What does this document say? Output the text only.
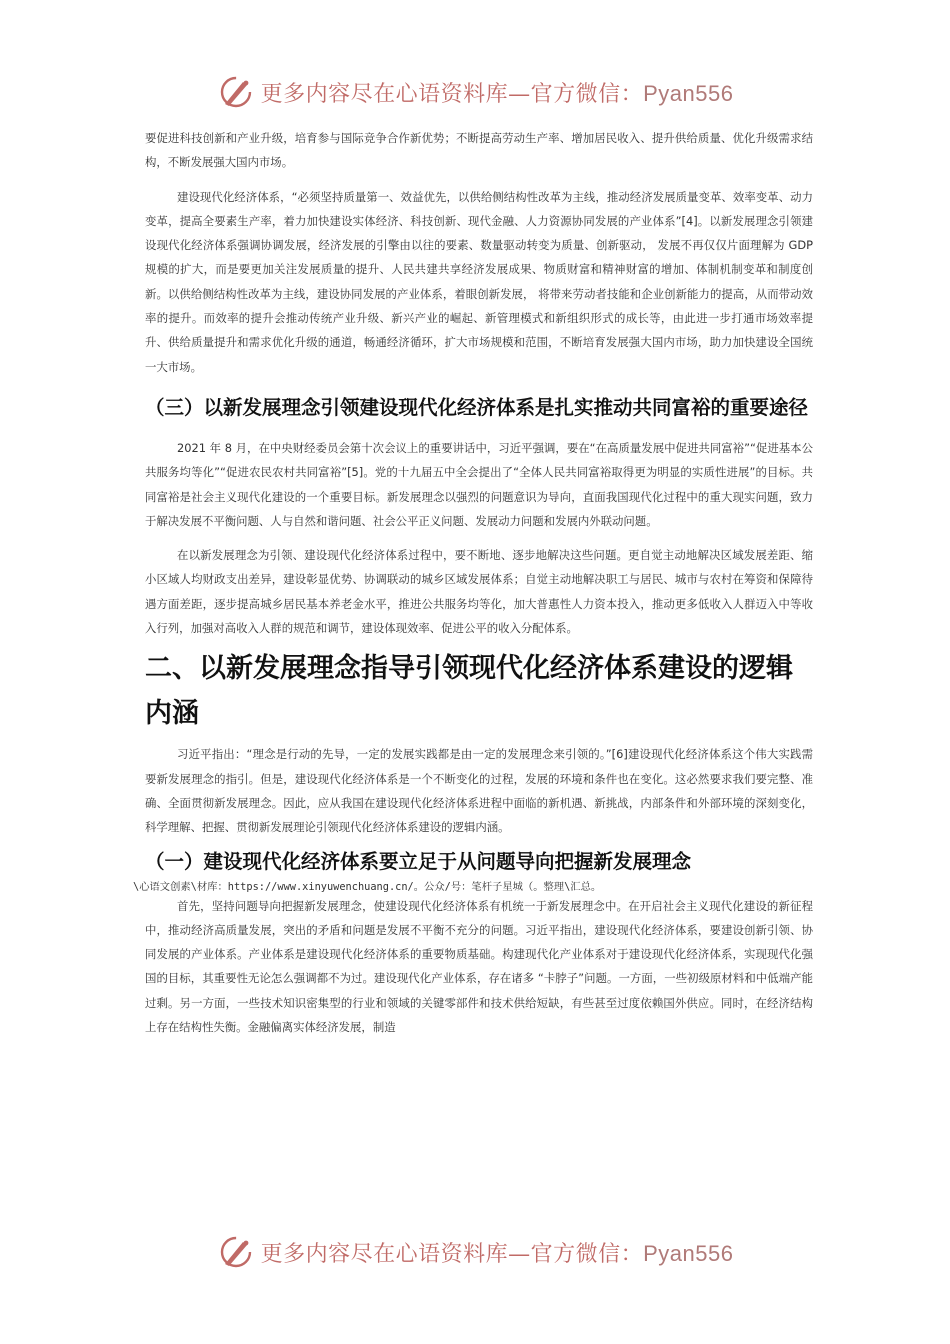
更多内容尽在心语资料库—官方微信：Pyan556

要促进科技创新和产业升级，培育参与国际竞争合作新优势；不断提高劳动生产率、增加居民收入、提升供给质量、优化升级需求结构，不断发展强大国内市场。

建设现代化经济体系，“必须坚持质量第一、效益优先，以供给侧结构性改革为主线，推动经济发展质量变革、效率变革、动力变革，提高全要素生产率，着力加快建设实体经济、科技创新、现代金融、人力资源协同发展的产业体系”[4]。以新发展理念引领建设现代化经济体系强调协调发展，经济发展的引擎由以往的要素、数量驱动转变为质量、创新驱动， 发展不再仅仅片面理解为 GDP 规模的扩大，而是要更加关注发展质量的提升、人民共建共享经济发展成果、物质财富和精神财富的增加、体制机制变革和制度创新。以供给侧结构性改革为主线，建设协同发展的产业体系，着眼创新发展， 将带来劳动者技能和企业创新能力的提高，从而带动效率的提升。而效率的提升会推动传统产业升级、新兴产业的崛起、新管理模式和新组织形式的成长等，由此进一步打通市场效率提升、供给质量提升和需求优化升级的通道，畅通经济循环，扩大市场规模和范围，不断培育发展强大国内市场，助力加快建设全国统一大市场。

（三）以新发展理念引领建设现代化经济体系是扎实推动共同富裕的重要途径

2021 年 8 月，在中央财经委员会第十次会议上的重要讲话中，习近平强调，要在“在高质量发展中促进共同富裕”“促进基本公共服务均等化”“促进农民农村共同富裕”[5]。党的十九届五中全会提出了“全体人民共同富裕取得更为明显的实质性进展”的目标。共同富裕是社会主义现代化建设的一个重要目标。新发展理念以强烈的问题意识为导向，直面我国现代化过程中的重大现实问题，致力于解决发展不平衡问题、人与自然和谐问题、社会公平正义问题、发展动力问题和发展内外联动问题。

在以新发展理念为引领、建设现代化经济体系过程中，要不断地、逐步地解决这些问题。更自觉主动地解决区域发展差距、缩小区域人均财政支出差异，建设彰显优势、协调联动的城乡区域发展体系；自觉主动地解决职工与居民、城市与农村在筹资和保障待遇方面差距，逐步提高城乡居民基本养老金水平，推进公共服务均等化，加大普惠性人力资本投入，推动更多低收入人群迈入中等收入行列，加强对高收入人群的规范和调节，建设体现效率、促进公平的收入分配体系。

二、以新发展理念指导引领现代化经济体系建设的逻辑内涵

习近平指出：“理念是行动的先导，一定的发展实践都是由一定的发展理念来引领的。”[6]建设现代化经济体系这个伟大实践需要新发展理念的指引。但是，建设现代化经济体系是一个不断变化的过程，发展的环境和条件也在变化。这必然要求我们要完整、准确、全面贯彻新发展理念。因此，应从我国在建设现代化经济体系进程中面临的新机遇、新挑战，内部条件和外部环境的深刻变化，科学理解、把握、贯彻新发展理论引领现代化经济体系建设的逻辑内涵。

（一）建设现代化经济体系要立足于从问题导向把握新发展理念

\心语文创素\材库：https://www.xinyuwenchuang.cn/。公众/号：笔杆子星城（。整理\汇总。

首先，坚持问题导向把握新发展理念，使建设现代化经济体系有机统一于新发展理念中。在开启社会主义现代化建设的新征程中，推动经济高质量发展，突出的矛盾和问题是发展不平衡不充分的问题。习近平指出，建设现代化经济体系，要建设创新引领、协同发展的产业体系。产业体系是建设现代化经济体系的重要物质基础。构建现代化产业体系对于建设现代化经济体系，实现现代化强国的目标，其重要性无论怎么强调都不为过。建设现代化产业体系，存在诸多 “卡脖子”问题。一方面，一些初级原材料和中低端产能过剩。另一方面，一些技术知识密集型的行业和领域的关键零部件和技术供给短缺，有些甚至过度依赖国外供应。同时，在经济结构上存在结构性失衡。金融偏离实体经济发展，制造

更多内容尽在心语资料库—官方微信：Pyan556
